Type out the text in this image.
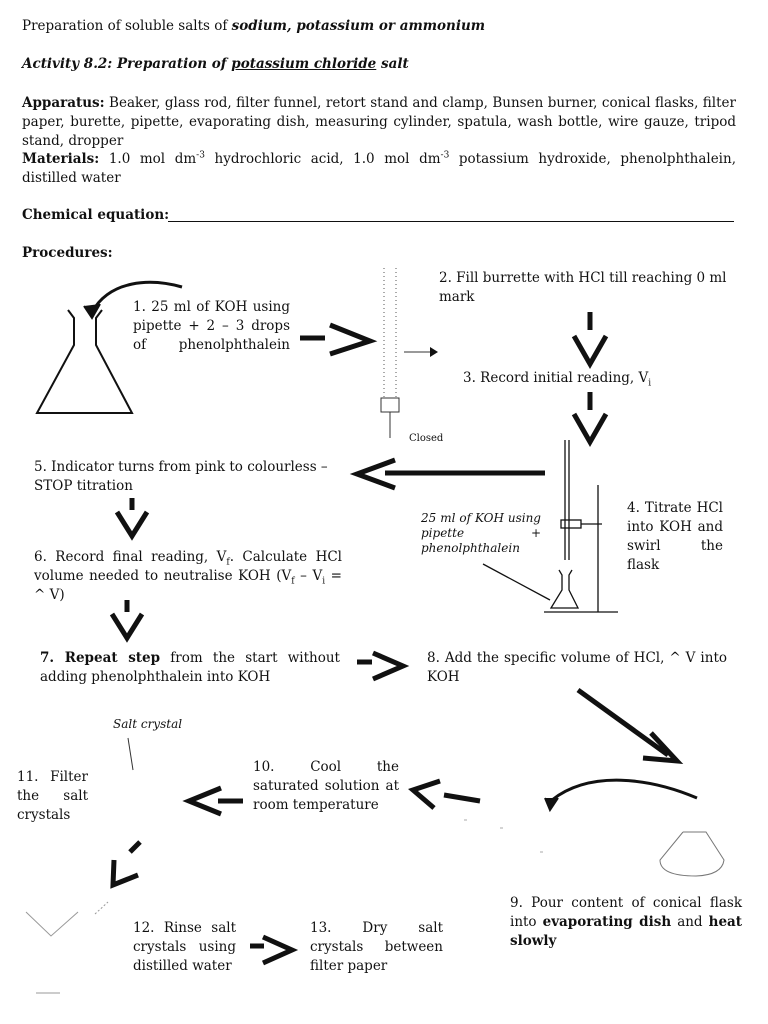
Preparation of soluble salts of sodium, potassium or ammonium

Activity 8.2: Preparation of potassium chloride salt

Apparatus: Beaker, glass rod, filter funnel, retort stand and clamp, Bunsen burner, conical flasks, filter paper, burette, pipette, evaporating dish, measuring cylinder, spatula, wash bottle, wire gauze, tripod stand, dropper

Materials: 1.0 mol $dm^{-3}$ hydrochloric acid, 1.0 mol $dm^{-3}$ potassium hydroxide, phenolphthalein, distilled water

Chemical equation:

Procedures:

1. 25 ml of KOH using pipette + 2 – 3 drops of phenolphthalein

2. Fill burrette with HCl till reaching 0 ml mark

3. Record initial reading, $V_i$

4. Titrate HCl into KOH and swirl the flask

5. Indicator turns from pink to colourless – STOP titration

6. Record final reading, $V_f$. Calculate HCl volume needed to neutralise KOH ($V_f - V_i$ = ^ V)

7. Repeat step from the start without adding phenolphthalein into KOH

8. Add the specific volume of HCl, ^ V into KOH

9. Pour content of conical flask into evaporating dish and heat slowly

10. Cool the saturated solution at room temperature

11. Filter the salt crystals

12. Rinse salt crystals using distilled water

13. Dry salt crystals between filter paper

Closed

25 ml of KOH using pipette + phenolphthalein

Salt crystal
